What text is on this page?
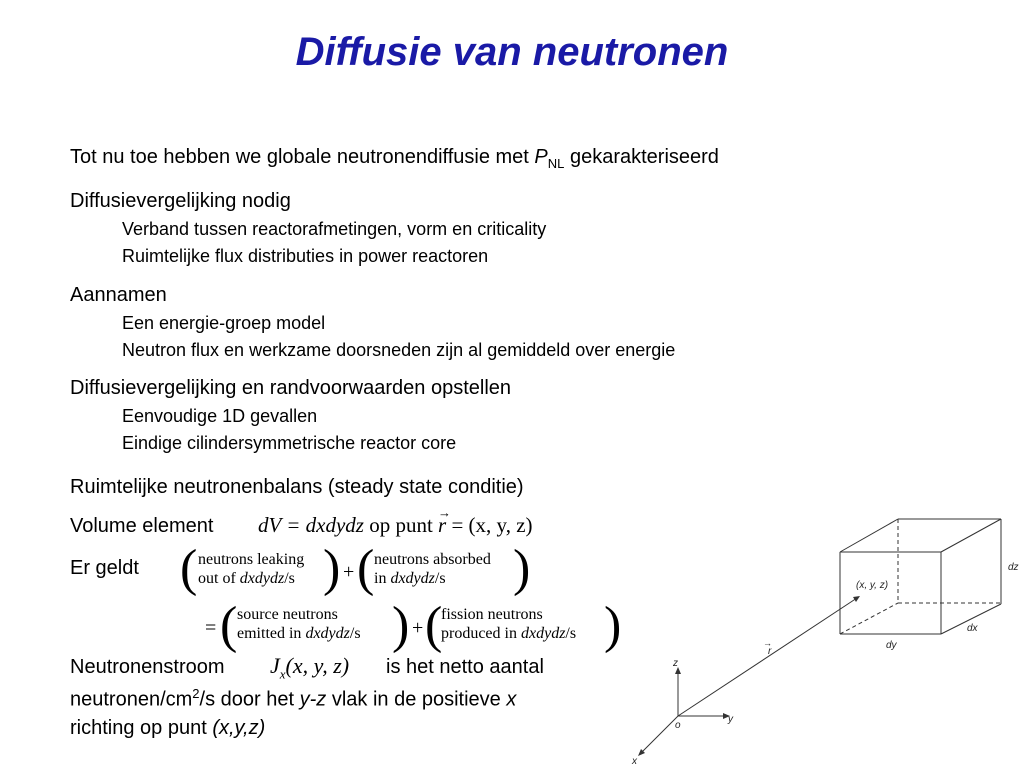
Diffusie van neutronen
Tot nu toe hebben we globale neutronendiffusie met $P_{NL}$ gekarakteriseerd
Diffusievergelijking nodig
Verband tussen reactorafmetingen, vorm en criticality
Ruimtelijke flux distributies in power reactoren
Aannamen
Een energie-groep model
Neutron flux en werkzame doorsneden zijn al gemiddeld over energie
Diffusievergelijking en randvoorwaarden opstellen
Eenvoudige 1D gevallen
Eindige cilindersymmetrische reactor core
Ruimtelijke neutronenbalans (steady state conditie)
Volume element dV = dxdydz op punt r
→
= (x, y, z)
Er geldt ( neutrons leaking
out of dxdydz/s ) + ( neutrons absorbed
in dxdydz/s )
= ( source neutrons
emitted in dxdydz/s ) + (
fission neutrons
produced in dxdydz/s )
Neutronenstroom $J_x(x$, y, z) is het netto aantal
neutronen/$cm^2/s$ door het y-z vlak in de positieve x
richting op punt (x,y,z)
(x, y, z)
dz
dx
dy
r
→
o
z
y
x
